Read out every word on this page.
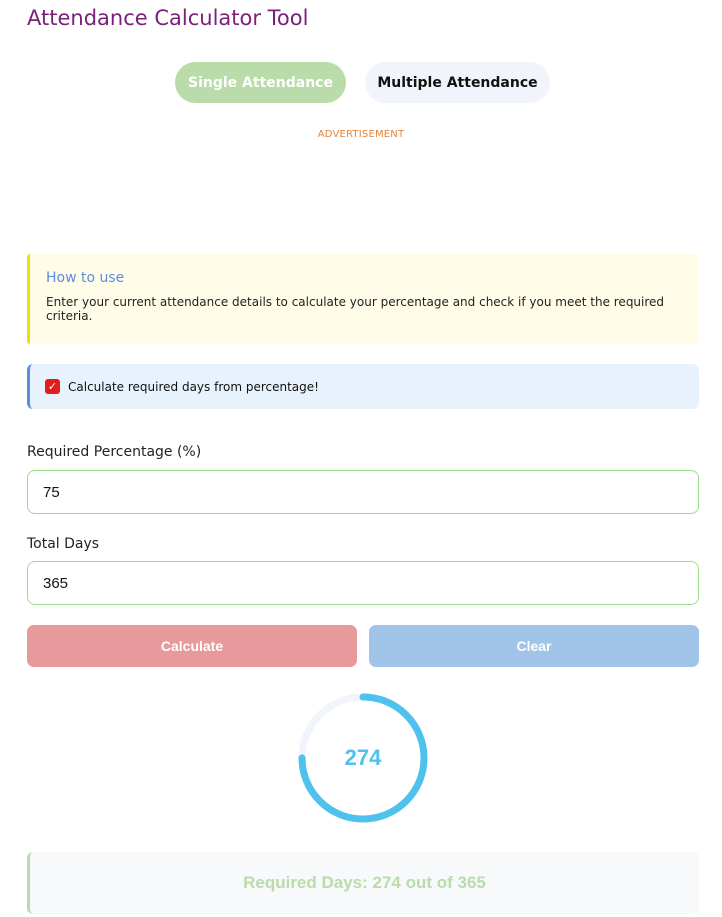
Attendance Calculator Tool
Single Attendance	Multiple Attendance
ADVERTISEMENT
How to use
Enter your current attendance details to calculate your percentage and check if you meet the required criteria.
✓ Calculate required days from percentage!
Required Percentage (%)
75
Total Days
365
Calculate	Clear
274
Required Days: 274 out of 365
